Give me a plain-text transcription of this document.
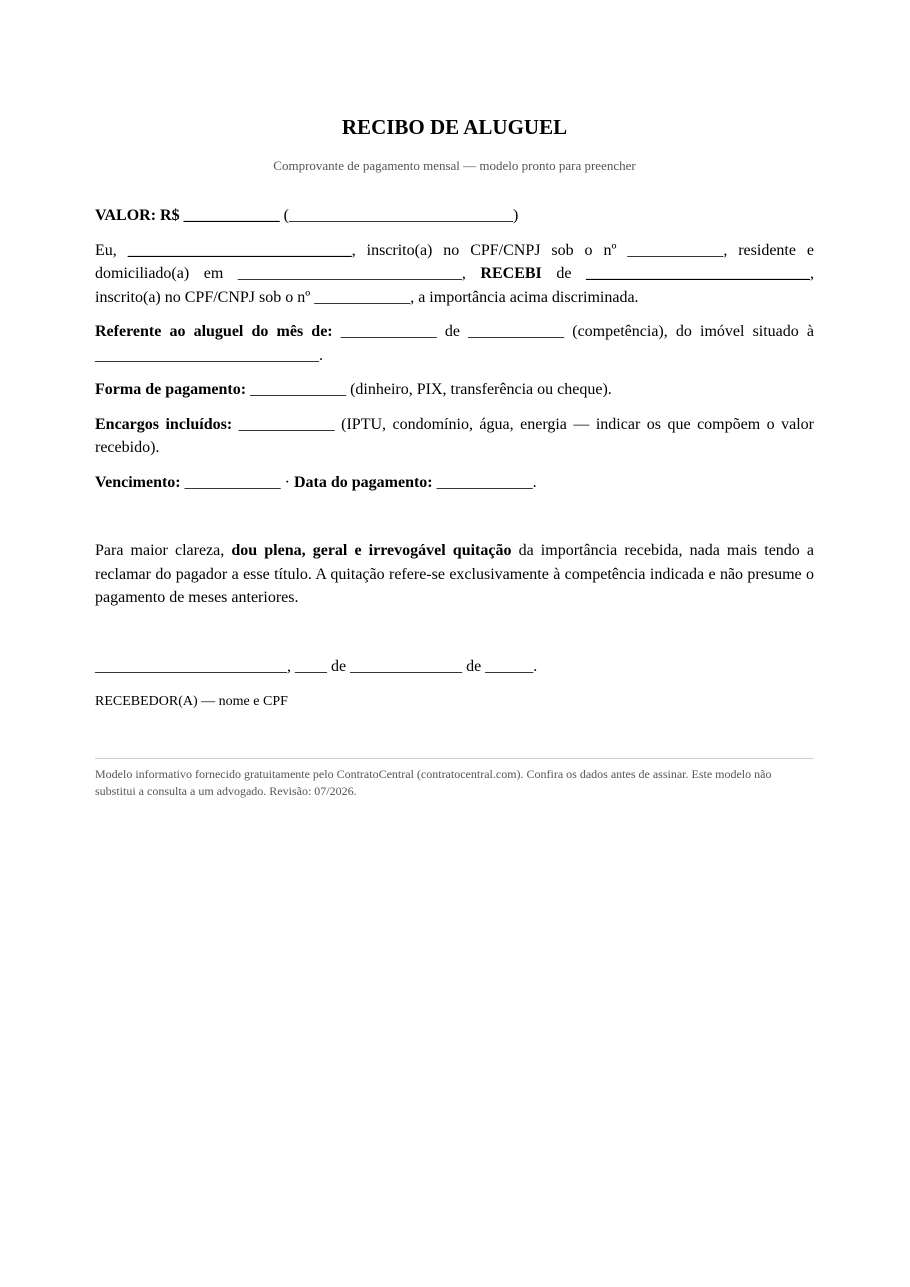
RECIBO DE ALUGUEL
Comprovante de pagamento mensal — modelo pronto para preencher

VALOR: R$ ____________ (____________________________)

Eu, ____________________________, inscrito(a) no CPF/CNPJ sob o nº ____________, residente e domiciliado(a) em ____________________________, RECEBI de ____________________________, inscrito(a) no CPF/CNPJ sob o nº ____________, a importância acima discriminada.

Referente ao aluguel do mês de: ____________ de ____________ (competência), do imóvel situado à ____________________________.

Forma de pagamento: ____________ (dinheiro, PIX, transferência ou cheque).

Encargos incluídos: ____________ (IPTU, condomínio, água, energia — indicar os que compõem o valor recebido).

Vencimento: ____________ · Data do pagamento: ____________.

Para maior clareza, dou plena, geral e irrevogável quitação da importância recebida, nada mais tendo a reclamar do pagador a esse título. A quitação refere-se exclusivamente à competência indicada e não presume o pagamento de meses anteriores.

________________________, ____ de ______________ de ______.

RECEBEDOR(A) — nome e CPF
Modelo informativo fornecido gratuitamente pelo ContratoCentral (contratocentral.com). Confira os dados antes de assinar. Este modelo não substitui a consulta a um advogado. Revisão: 07/2026.
